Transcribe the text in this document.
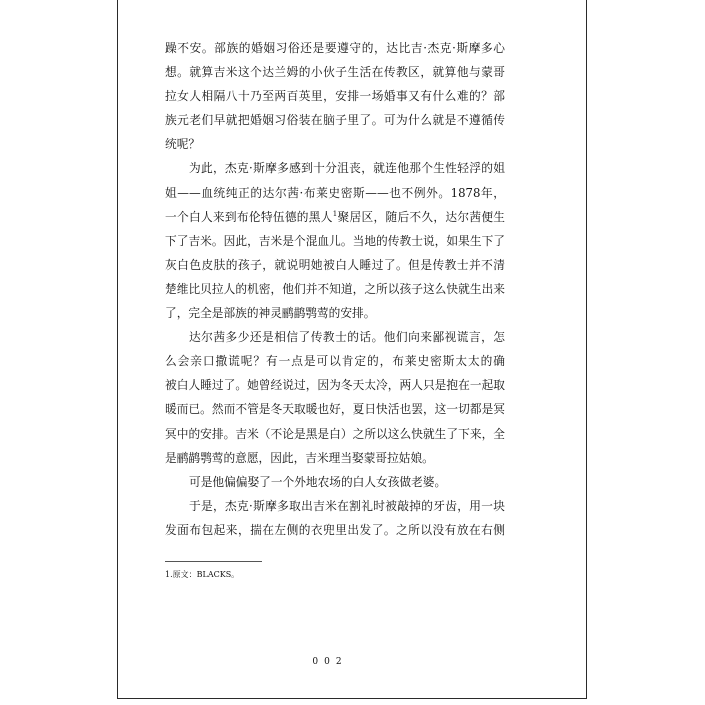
躁不安。部族的婚姻习俗还是要遵守的，达比吉·杰克·斯摩多心
想。就算吉米这个达兰姆的小伙子生活在传教区，就算他与蒙哥
拉女人相隔八十乃至两百英里，安排一场婚事又有什么难的？部
族元老们早就把婚姻习俗装在脑子里了。可为什么就是不遵循传
统呢？
为此，杰克·斯摩多感到十分沮丧，就连他那个生性轻浮的姐
姐——血统纯正的达尔茜·布莱史密斯——也不例外。1878年，
一个白人来到布伦特伍德的黑人$^1$聚居区，随后不久，达尔茜便生
下了吉米。因此，吉米是个混血儿。当地的传教士说，如果生下了
灰白色皮肤的孩子，就说明她被白人睡过了。但是传教士并不清
楚维比贝拉人的机密，他们并不知道，之所以孩子这么快就生出来
了，完全是部族的神灵鹂鹋鹗莺的安排。
达尔茜多少还是相信了传教士的话。他们向来鄙视谎言，怎
么会亲口撒谎呢？有一点是可以肯定的，布莱史密斯太太的确
被白人睡过了。她曾经说过，因为冬天太冷，两人只是抱在一起取
暖而已。然而不管是冬天取暖也好，夏日快活也罢，这一切都是冥
冥中的安排。吉米（不论是黑是白）之所以这么快就生了下来，全
是鹂鹋鹗莺的意愿，因此，吉米理当娶蒙哥拉姑娘。
可是他偏偏娶了一个外地农场的白人女孩做老婆。
于是，杰克·斯摩多取出吉米在割礼时被敲掉的牙齿，用一块
发面布包起来，揣在左侧的衣兜里出发了。之所以没有放在右侧
1.原文：BLACKS。
002
